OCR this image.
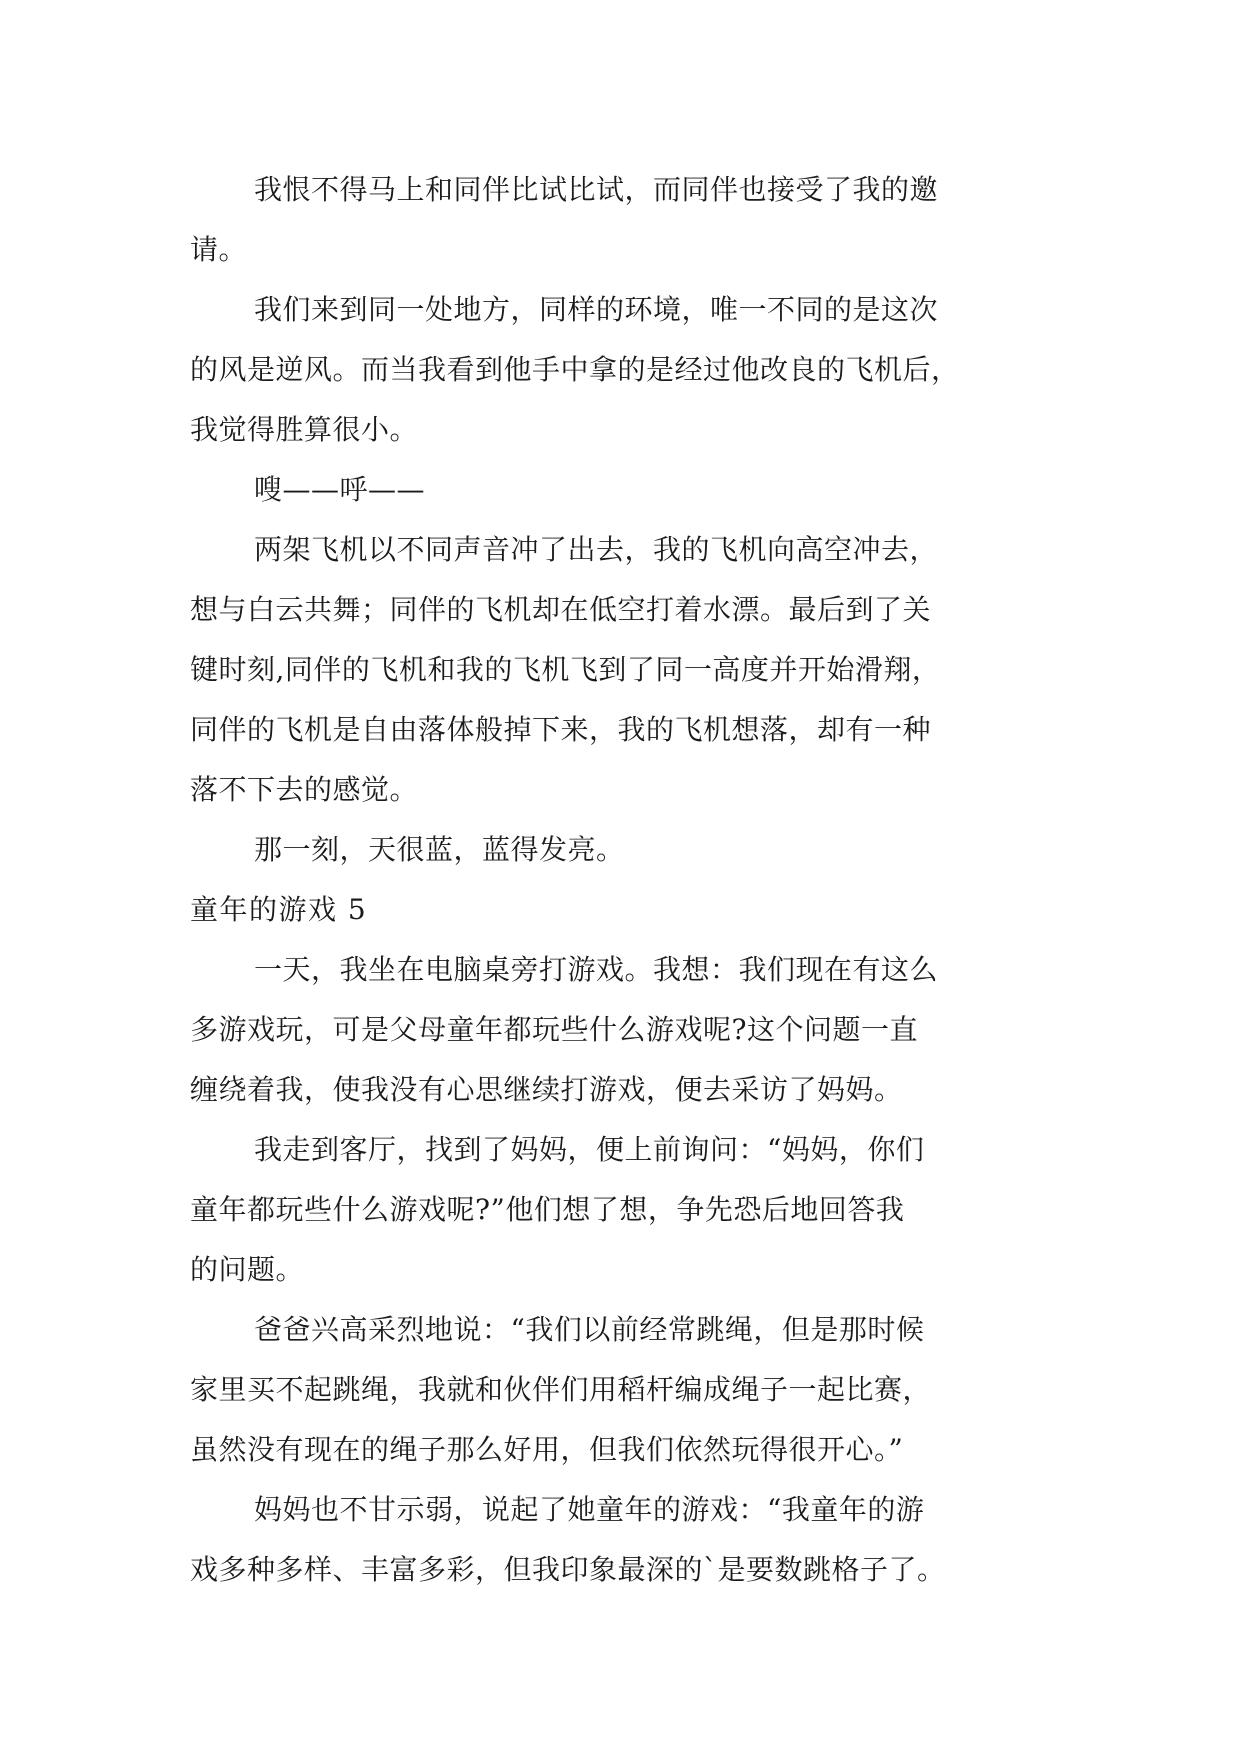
我恨不得马上和同伴比试比试，而同伴也接受了我的邀
请。
我们来到同一处地方，同样的环境，唯一不同的是这次
的风是逆风。而当我看到他手中拿的是经过他改良的飞机后，
我觉得胜算很小。
嗖——呼——
两架飞机以不同声音冲了出去，我的飞机向高空冲去，
想与白云共舞；同伴的飞机却在低空打着水漂。最后到了关
键时刻,同伴的飞机和我的飞机飞到了同一高度并开始滑翔，
同伴的飞机是自由落体般掉下来，我的飞机想落，却有一种
落不下去的感觉。
那一刻，天很蓝，蓝得发亮。
童年的游戏 5
一天，我坐在电脑桌旁打游戏。我想：我们现在有这么
多游戏玩，可是父母童年都玩些什么游戏呢?这个问题一直
缠绕着我，使我没有心思继续打游戏，便去采访了妈妈。
我走到客厅，找到了妈妈，便上前询问：“妈妈，你们
童年都玩些什么游戏呢?”他们想了想，争先恐后地回答我
的问题。
爸爸兴高采烈地说：“我们以前经常跳绳，但是那时候
家里买不起跳绳，我就和伙伴们用稻杆编成绳子一起比赛，
虽然没有现在的绳子那么好用，但我们依然玩得很开心。”
妈妈也不甘示弱，说起了她童年的游戏：“我童年的游
戏多种多样、丰富多彩，但我印象最深的`是要数跳格子了。
